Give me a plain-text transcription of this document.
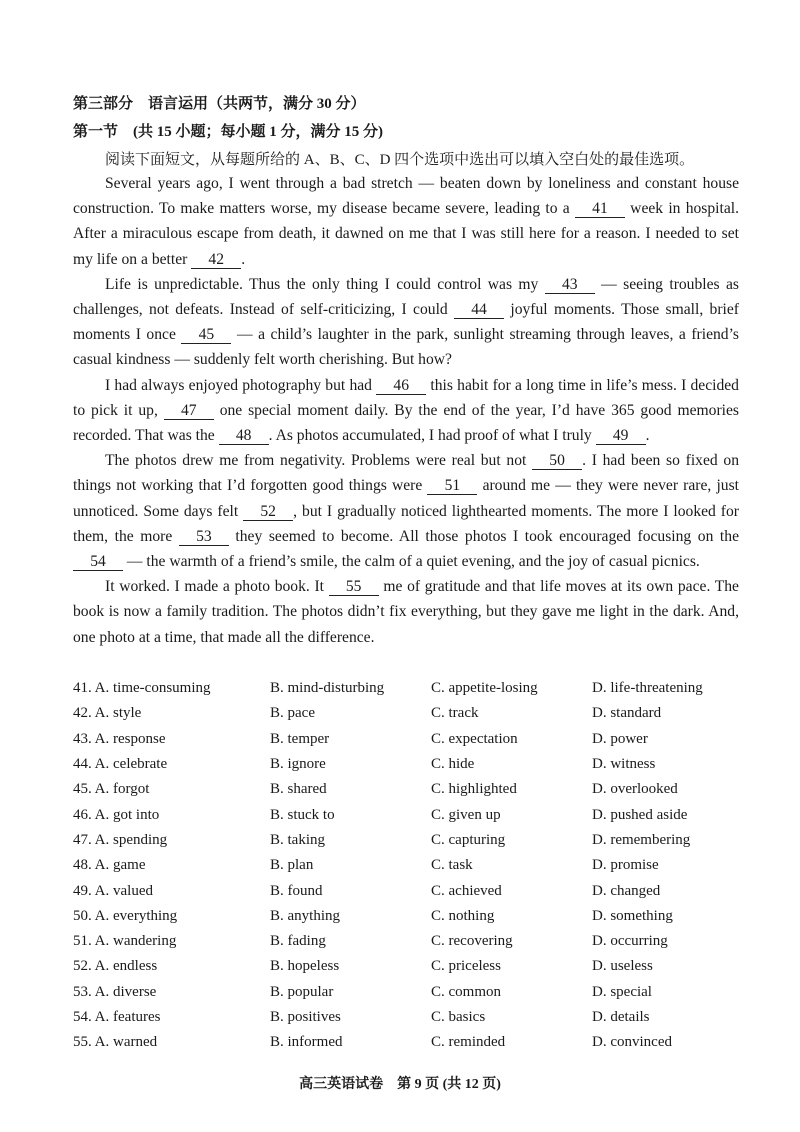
第三部分　语言运用（共两节，满分 30 分）
第一节　(共 15 小题；每小题 1 分，满分 15 分)
阅读下面短文，从每题所给的 A、B、C、D 四个选项中选出可以填入空白处的最佳选项。

Several years ago, I went through a bad stretch — beaten down by loneliness and constant house construction. To make matters worse, my disease became severe, leading to a 41 week in hospital. After a miraculous escape from death, it dawned on me that I was still here for a reason. I needed to set my life on a better 42 .

Life is unpredictable. Thus the only thing I could control was my 43 — seeing troubles as challenges, not defeats. Instead of self-criticizing, I could 44 joyful moments. Those small, brief moments I once 45 — a child’s laughter in the park, sunlight streaming through leaves, a friend’s casual kindness — suddenly felt worth cherishing. But how?

I had always enjoyed photography but had 46 this habit for a long time in life’s mess. I decided to pick it up, 47 one special moment daily. By the end of the year, I’d have 365 good memories recorded. That was the 48 . As photos accumulated, I had proof of what I truly 49 .

The photos drew me from negativity. Problems were real but not 50 . I had been so fixed on things not working that I’d forgotten good things were 51 around me — they were never rare, just unnoticed. Some days felt 52 , but I gradually noticed lighthearted moments. The more I looked for them, the more 53 they seemed to become. All those photos I took encouraged focusing on the 54 — the warmth of a friend’s smile, the calm of a quiet evening, and the joy of casual picnics.

It worked. I made a photo book. It 55 me of gratitude and that life moves at its own pace. The book is now a family tradition. The photos didn’t fix everything, but they gave me light in the dark. And, one photo at a time, that made all the difference.

41. A. time-consuming	B. mind-disturbing	C. appetite-losing	D. life-threatening
42. A. style	B. pace	C. track	D. standard
43. A. response	B. temper	C. expectation	D. power
44. A. celebrate	B. ignore	C. hide	D. witness
45. A. forgot	B. shared	C. highlighted	D. overlooked
46. A. got into	B. stuck to	C. given up	D. pushed aside
47. A. spending	B. taking	C. capturing	D. remembering
48. A. game	B. plan	C. task	D. promise
49. A. valued	B. found	C. achieved	D. changed
50. A. everything	B. anything	C. nothing	D. something
51. A. wandering	B. fading	C. recovering	D. occurring
52. A. endless	B. hopeless	C. priceless	D. useless
53. A. diverse	B. popular	C. common	D. special
54. A. features	B. positives	C. basics	D. details
55. A. warned	B. informed	C. reminded	D. convinced
高三英语试卷　第 9 页 (共 12 页)
